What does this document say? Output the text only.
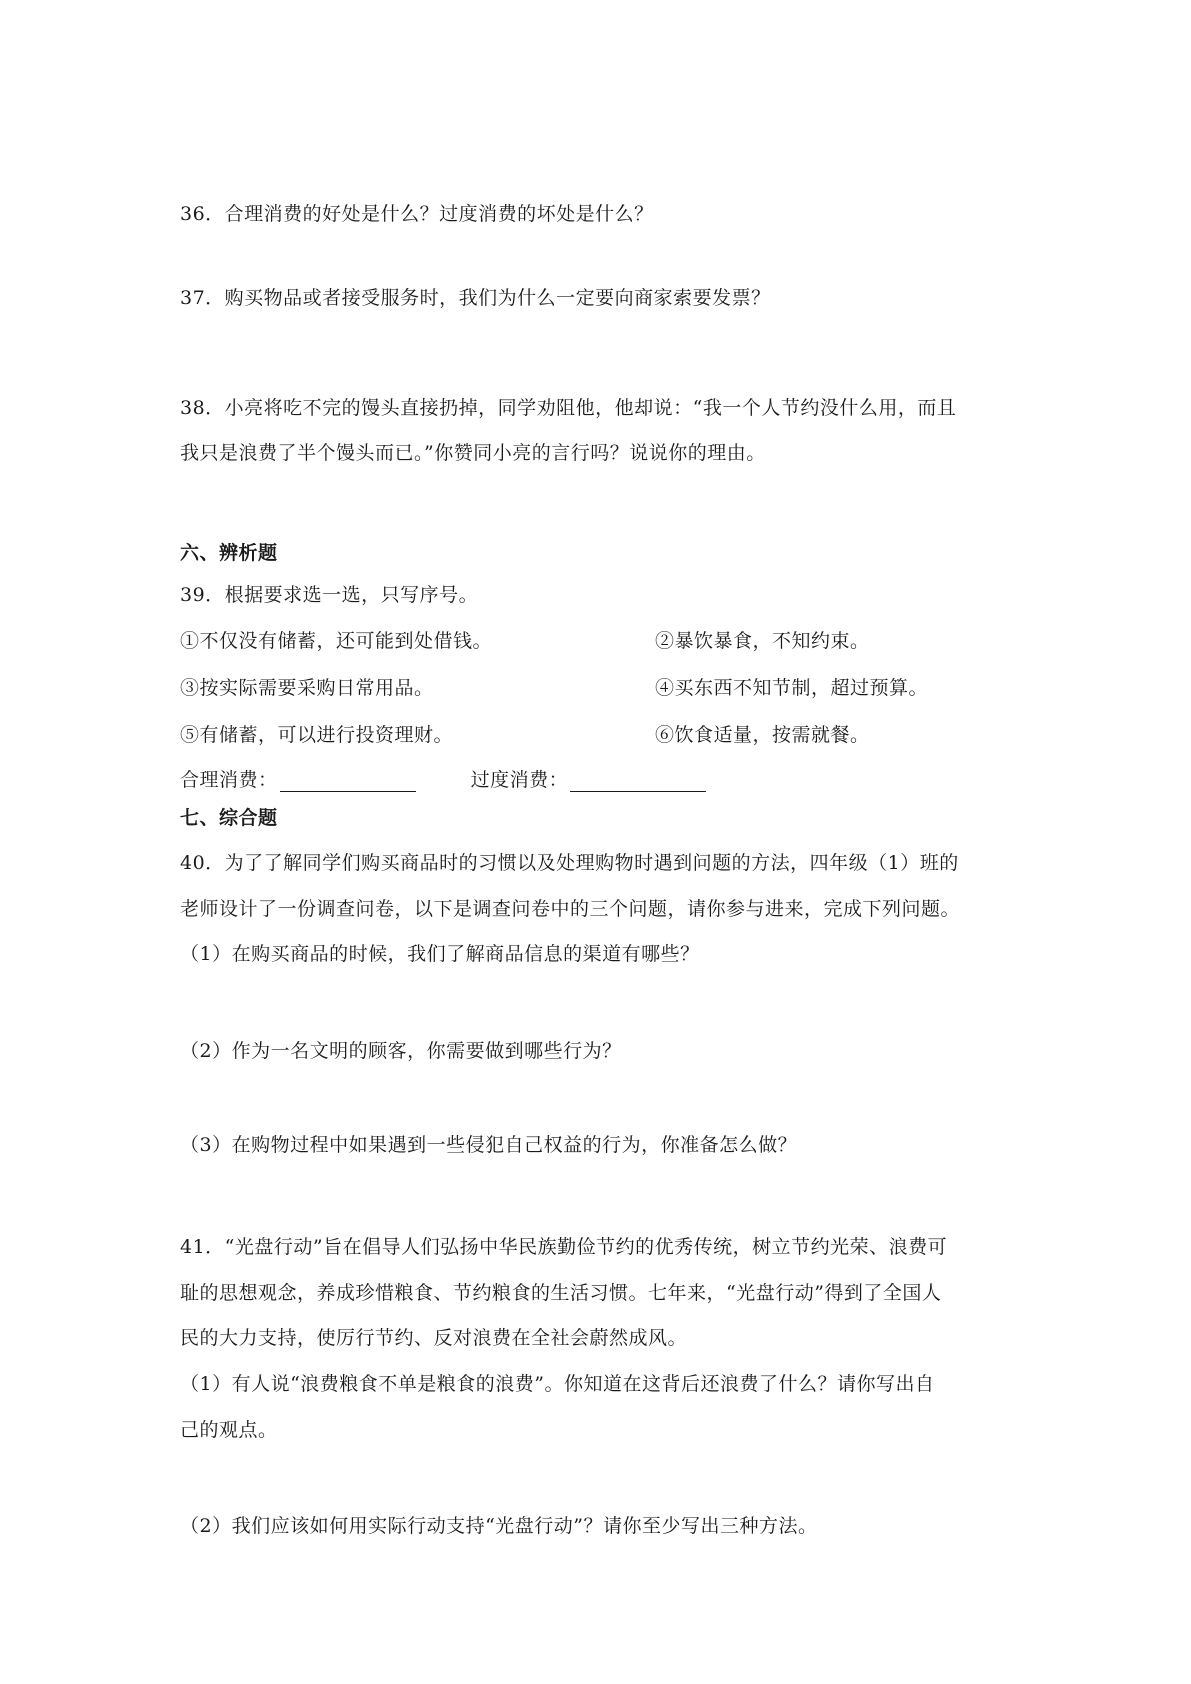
36．合理消费的好处是什么？过度消费的坏处是什么？
37．购买物品或者接受服务时，我们为什么一定要向商家索要发票？
38．小亮将吃不完的馒头直接扔掉，同学劝阻他，他却说：“我一个人节约没什么用，而且
我只是浪费了半个馒头而已。”你赞同小亮的言行吗？说说你的理由。
六、辨析题
39．根据要求选一选，只写序号。
①不仅没有储蓄，还可能到处借钱。	②暴饮暴食，不知约束。
③按实际需要采购日常用品。	④买东西不知节制，超过预算。
⑤有储蓄，可以进行投资理财。	⑥饮食适量，按需就餐。
合理消费：	过度消费：
七、综合题
40．为了了解同学们购买商品时的习惯以及处理购物时遇到问题的方法，四年级（1）班的
老师设计了一份调查问卷，以下是调查问卷中的三个问题，请你参与进来，完成下列问题。
（1）在购买商品的时候，我们了解商品信息的渠道有哪些？
（2）作为一名文明的顾客，你需要做到哪些行为？
（3）在购物过程中如果遇到一些侵犯自己权益的行为，你准备怎么做？
41．“光盘行动”旨在倡导人们弘扬中华民族勤俭节约的优秀传统，树立节约光荣、浪费可
耻的思想观念，养成珍惜粮食、节约粮食的生活习惯。七年来，“光盘行动”得到了全国人
民的大力支持，使厉行节约、反对浪费在全社会蔚然成风。
（1）有人说“浪费粮食不单是粮食的浪费”。你知道在这背后还浪费了什么？请你写出自
己的观点。
（2）我们应该如何用实际行动支持“光盘行动”？请你至少写出三种方法。
